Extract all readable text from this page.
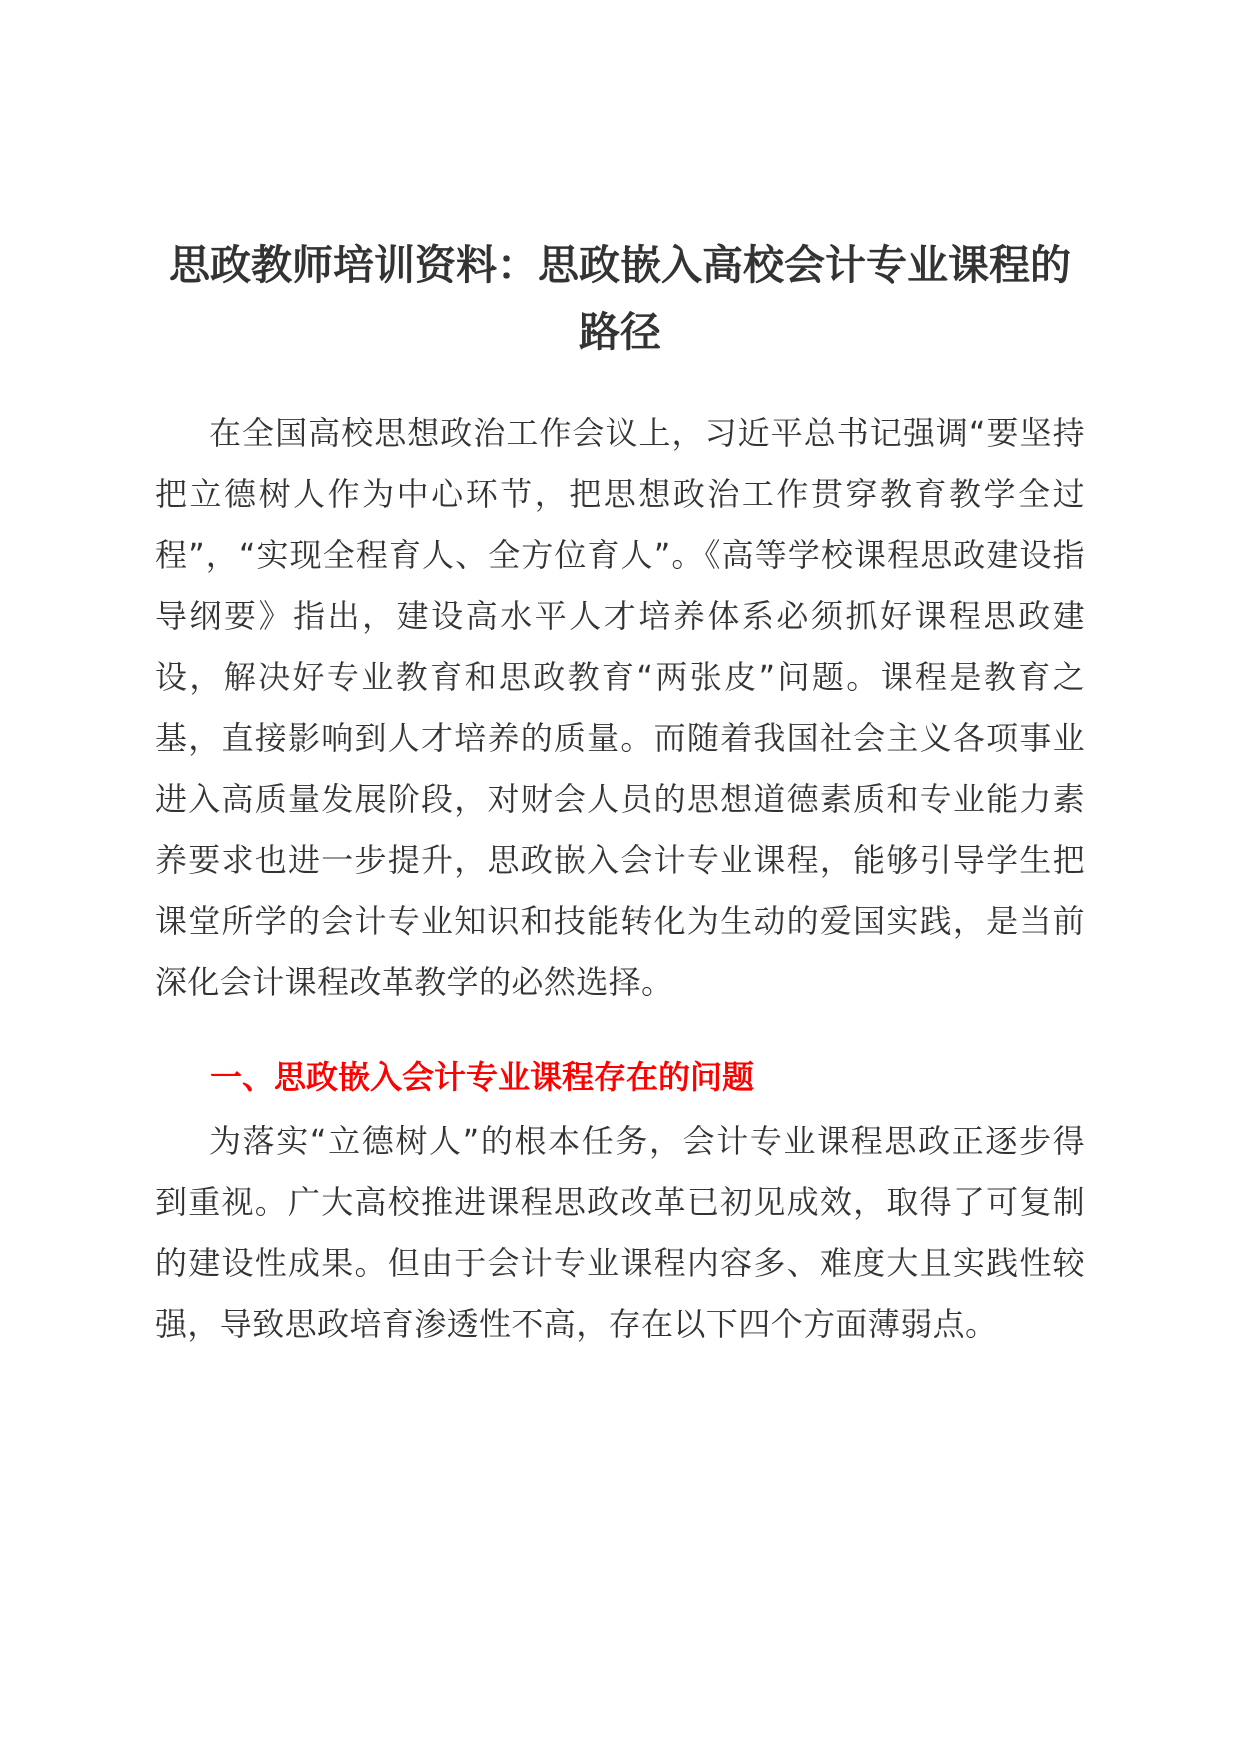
思政教师培训资料：思政嵌入高校会计专业课程的路径

在全国高校思想政治工作会议上，习近平总书记强调“要坚持把立德树人作为中心环节，把思想政治工作贯穿教育教学全过程”，“实现全程育人、全方位育人”。《高等学校课程思政建设指导纲要》指出，建设高水平人才培养体系必须抓好课程思政建设，解决好专业教育和思政教育“两张皮”问题。课程是教育之基，直接影响到人才培养的质量。而随着我国社会主义各项事业进入高质量发展阶段，对财会人员的思想道德素质和专业能力素养要求也进一步提升，思政嵌入会计专业课程，能够引导学生把课堂所学的会计专业知识和技能转化为生动的爱国实践，是当前深化会计课程改革教学的必然选择。

一、思政嵌入会计专业课程存在的问题

为落实“立德树人”的根本任务，会计专业课程思政正逐步得到重视。广大高校推进课程思政改革已初见成效，取得了可复制的建设性成果。但由于会计专业课程内容多、难度大且实践性较强，导致思政培育渗透性不高，存在以下四个方面薄弱点。
